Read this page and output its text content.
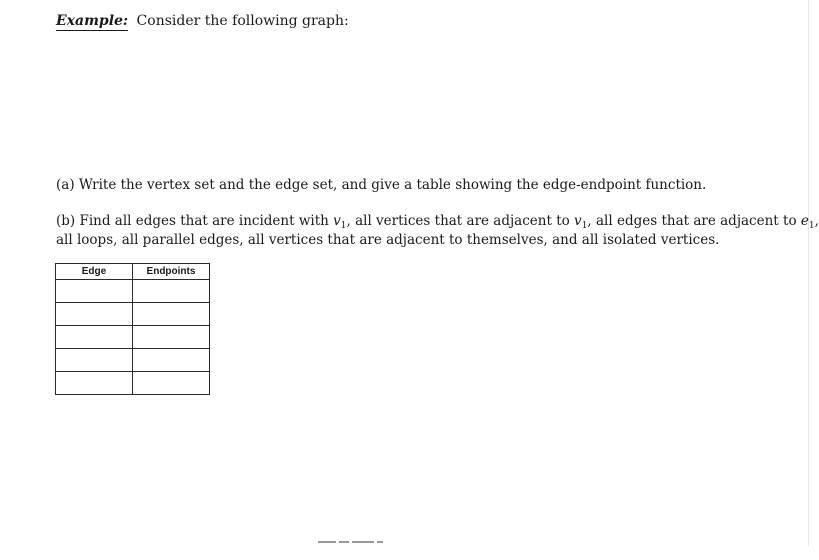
Example: Consider the following graph:
(a) Write the vertex set and the edge set, and give a table showing the edge-endpoint function.
(b) Find all edges that are incident with $v_1$, all vertices that are adjacent to $v_1$, all edges that are adjacent to $e_1$,
all loops, all parallel edges, all vertices that are adjacent to themselves, and all isolated vertices.
Edge	Endpoints
